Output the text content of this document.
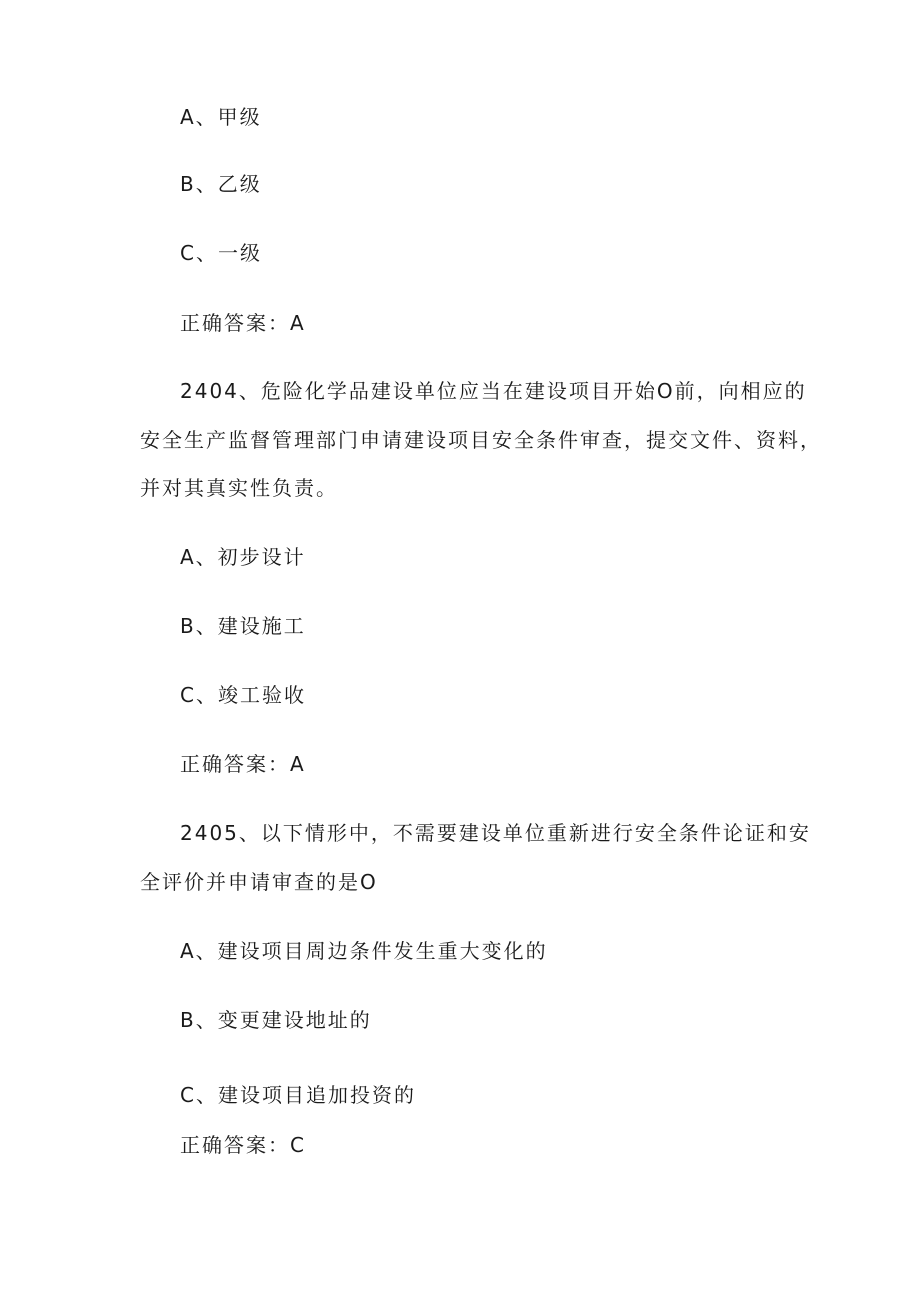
A、甲级
B、乙级
C、一级
正确答案：A
2404、危险化学品建设单位应当在建设项目开始O前，向相应的
安全生产监督管理部门申请建设项目安全条件审查，提交文件、资料，
并对其真实性负责。
A、初步设计
B、建设施工
C、竣工验收
正确答案：A
2405、以下情形中，不需要建设单位重新进行安全条件论证和安
全评价并申请审查的是O
A、建设项目周边条件发生重大变化的
B、变更建设地址的
C、建设项目追加投资的
正确答案：C
